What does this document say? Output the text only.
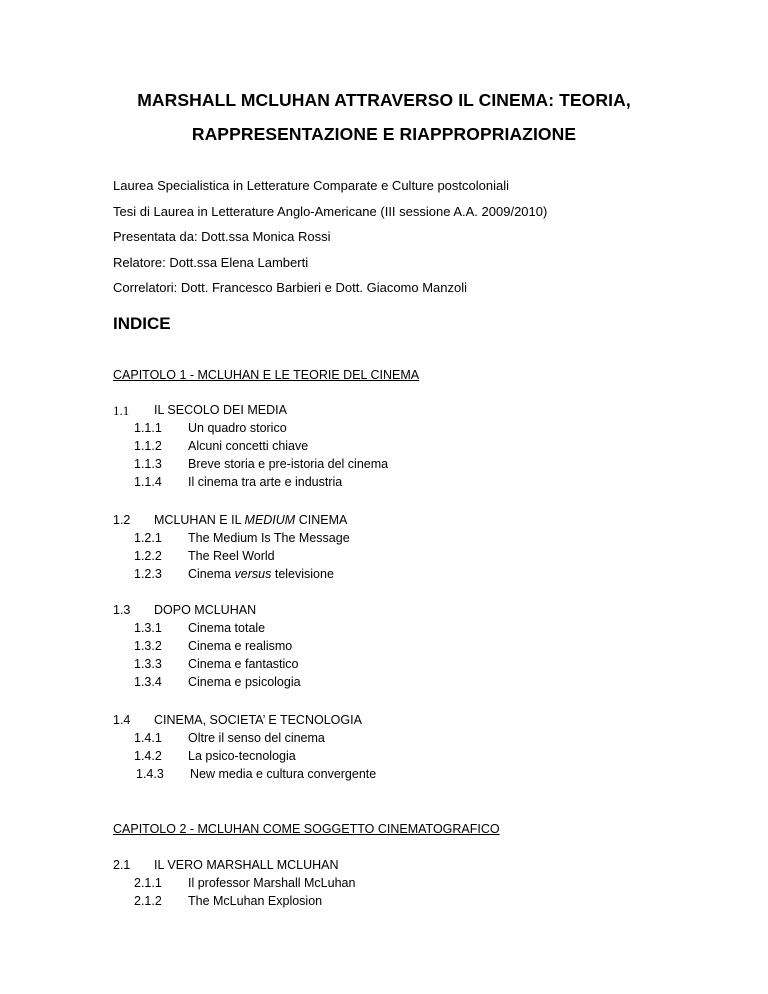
MARSHALL MCLUHAN ATTRAVERSO IL CINEMA: TEORIA,
RAPPRESENTAZIONE E RIAPPROPRIAZIONE
Laurea Specialistica in Letterature Comparate e Culture postcoloniali
Tesi di Laurea in Letterature Anglo-Americane (III sessione A.A. 2009/2010)
Presentata da: Dott.ssa Monica Rossi
Relatore: Dott.ssa Elena Lamberti
Correlatori: Dott. Francesco Barbieri e Dott. Giacomo Manzoli
INDICE
CAPITOLO 1 - MCLUHAN E LE TEORIE DEL CINEMA
1.1 IL SECOLO DEI MEDIA
1.1.1 Un quadro storico
1.1.2 Alcuni concetti chiave
1.1.3 Breve storia e pre-istoria del cinema
1.1.4 Il cinema tra arte e industria
1.2 MCLUHAN E IL MEDIUM CINEMA
1.2.1 The Medium Is The Message
1.2.2 The Reel World
1.2.3 Cinema versus televisione
1.3 DOPO MCLUHAN
1.3.1 Cinema totale
1.3.2 Cinema e realismo
1.3.3 Cinema e fantastico
1.3.4 Cinema e psicologia
1.4 CINEMA, SOCIETA’ E TECNOLOGIA
1.4.1 Oltre il senso del cinema
1.4.2 La psico-tecnologia
1.4.3 New media e cultura convergente
CAPITOLO 2 - MCLUHAN COME SOGGETTO CINEMATOGRAFICO
2.1 IL VERO MARSHALL MCLUHAN
2.1.1 Il professor Marshall McLuhan
2.1.2 The McLuhan Explosion
